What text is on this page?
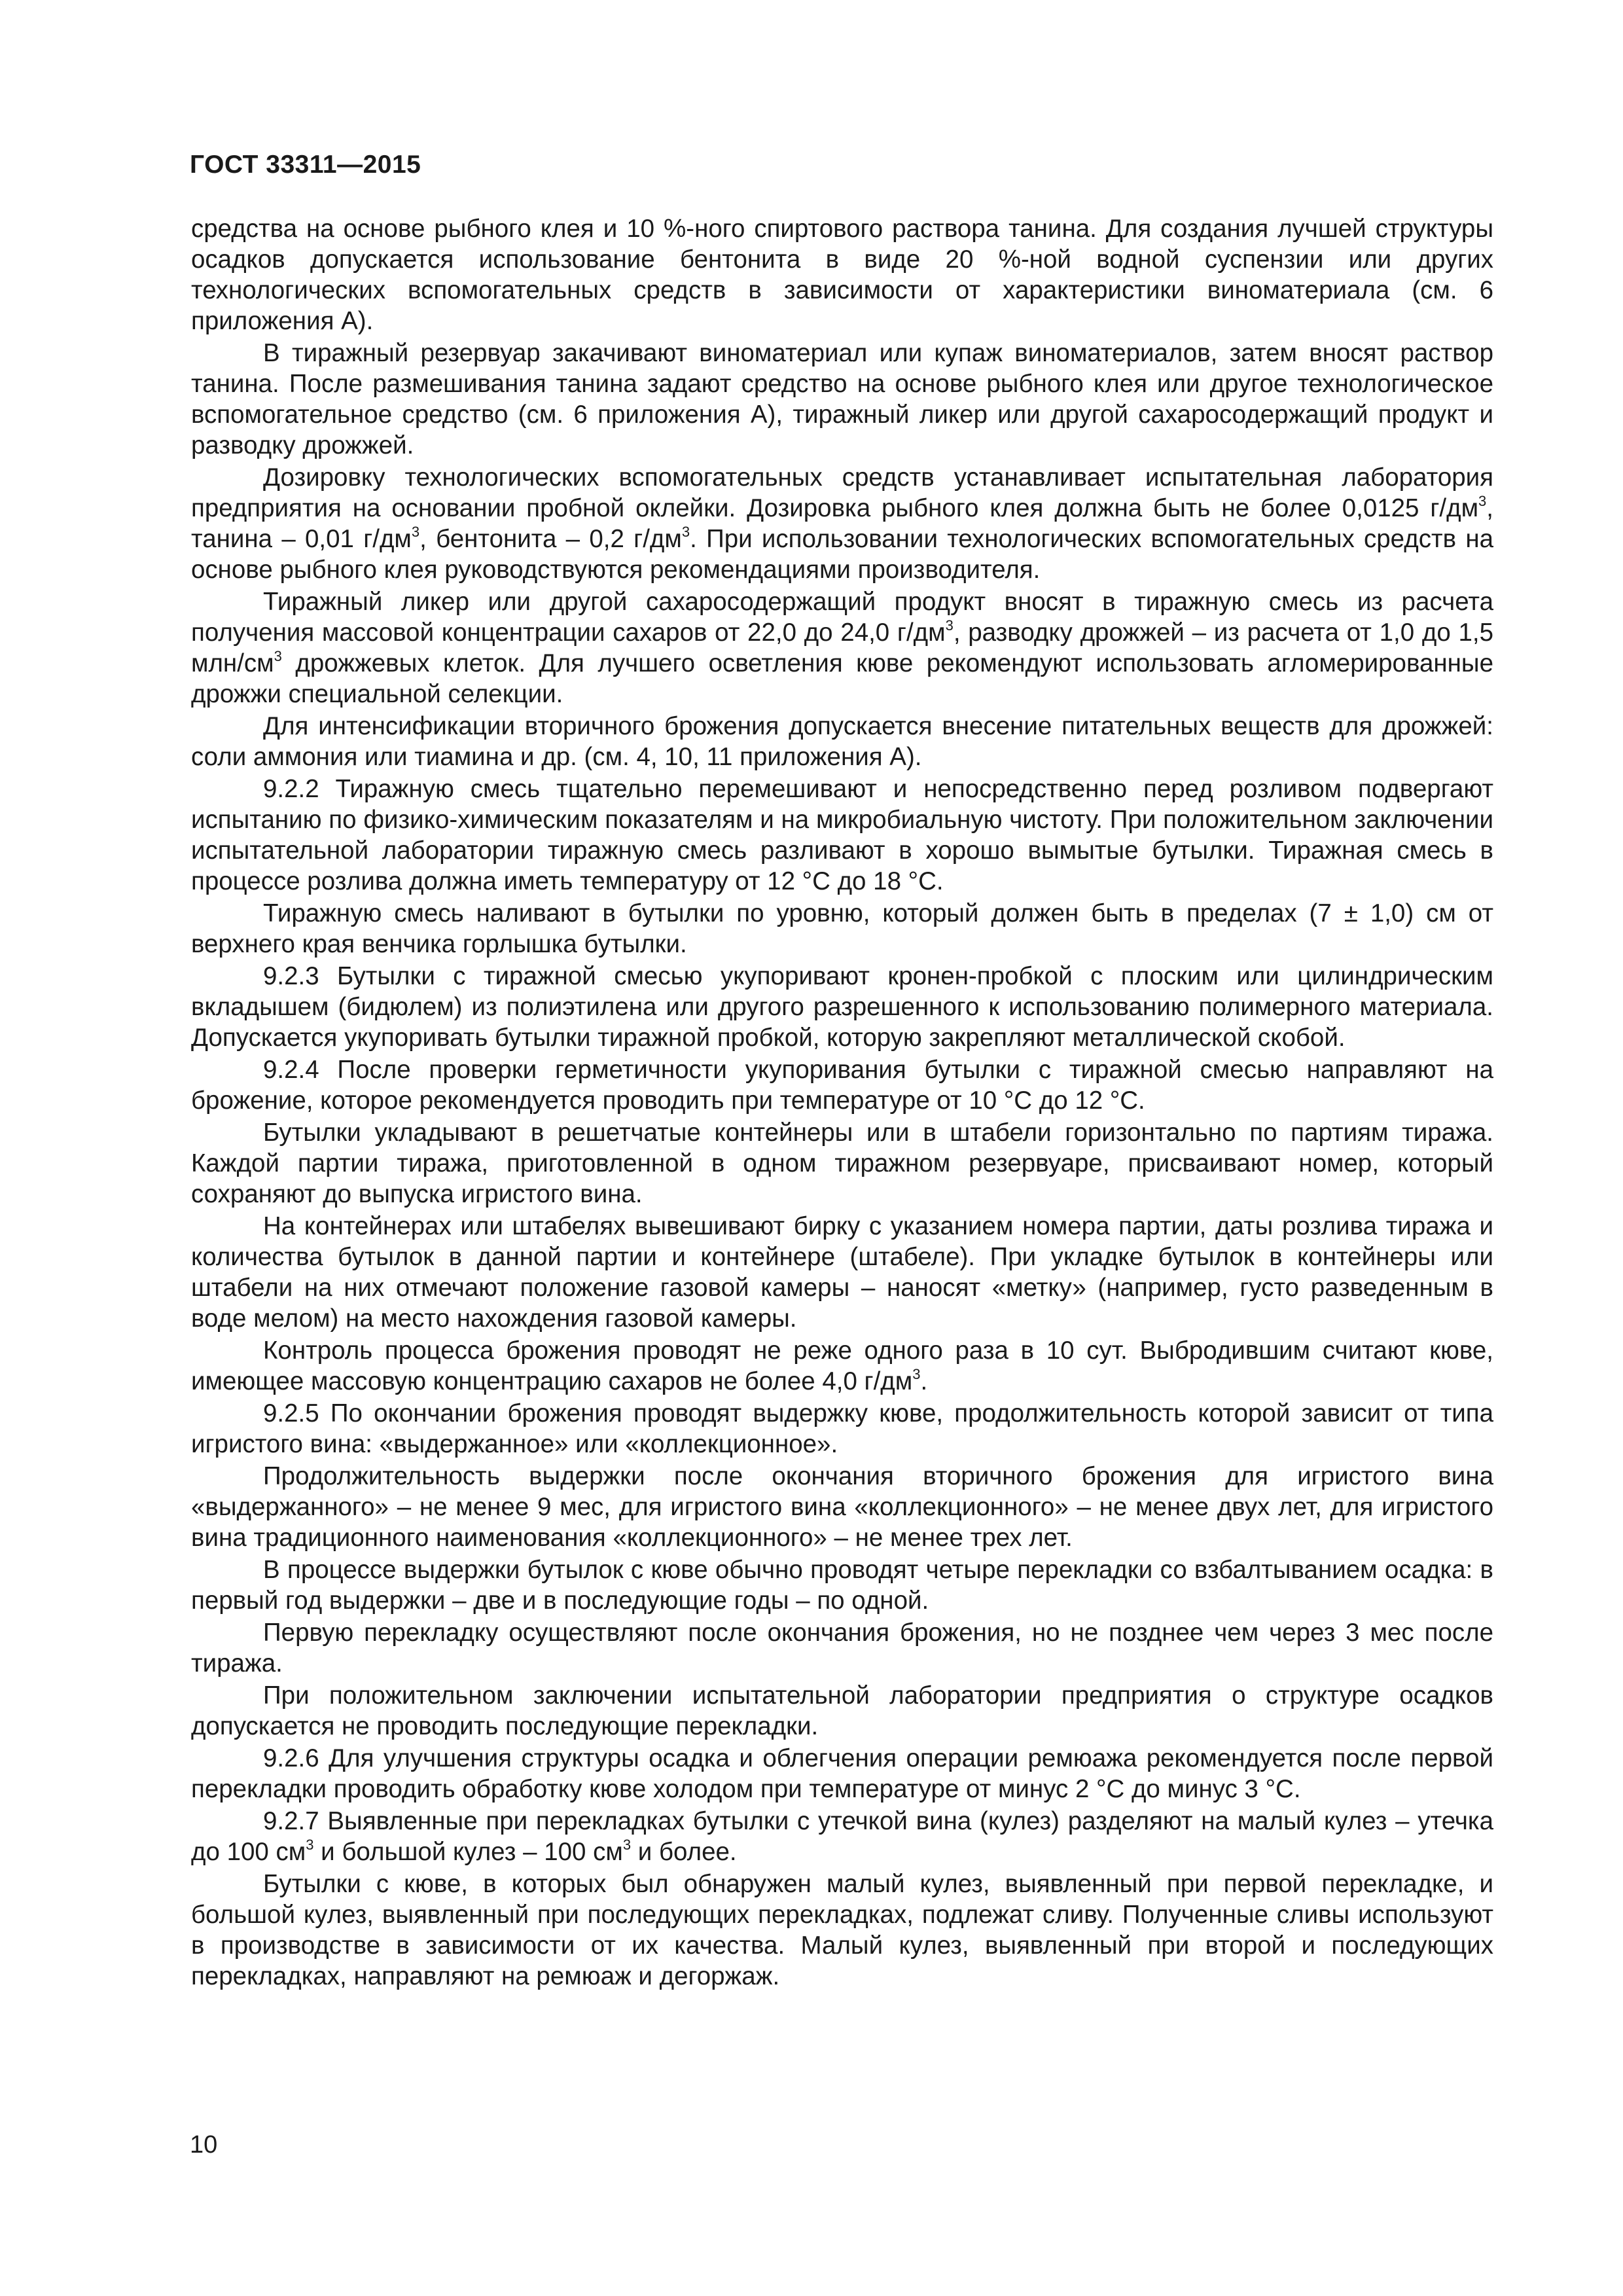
ГОСТ 33311—2015

средства на основе рыбного клея и 10 %-ного спиртового раствора танина. Для создания лучшей структуры осадков допускается использование бентонита в виде 20 %-ной водной суспензии или других технологических вспомогательных средств в зависимости от характеристики виноматериала (см. 6 приложения А).

В тиражный резервуар закачивают виноматериал или купаж виноматериалов, затем вносят раствор танина. После размешивания танина задают средство на основе рыбного клея или другое технологическое вспомогательное средство (см. 6 приложения А), тиражный ликер или другой сахаросодержащий продукт и разводку дрожжей.

Дозировку технологических вспомогательных средств устанавливает испытательная лаборатория предприятия на основании пробной оклейки. Дозировка рыбного клея должна быть не более 0,0125 $г/дм^3$, танина – 0,01 $г/дм^3$, бентонита – 0,2 $г/дм^3$. При использовании технологических вспомогательных средств на основе рыбного клея руководствуются рекомендациями производителя.

Тиражный ликер или другой сахаросодержащий продукт вносят в тиражную смесь из расчета получения массовой концентрации сахаров от 22,0 до 24,0 $г/дм^3$, разводку дрожжей – из расчета от 1,0 до 1,5 млн/$см^3$ дрожжевых клеток. Для лучшего осветления кюве рекомендуют использовать агломерированные дрожжи специальной селекции.

Для интенсификации вторичного брожения допускается внесение питательных веществ для дрожжей: соли аммония или тиамина и др. (см. 4, 10, 11 приложения А).

9.2.2 Тиражную смесь тщательно перемешивают и непосредственно перед розливом подвергают испытанию по физико-химическим показателям и на микробиальную чистоту. При положительном заключении испытательной лаборатории тиражную смесь разливают в хорошо вымытые бутылки. Тиражная смесь в процессе розлива должна иметь температуру от 12 °С до 18 °С.

Тиражную смесь наливают в бутылки по уровню, который должен быть в пределах (7 ± 1,0) см от верхнего края венчика горлышка бутылки.

9.2.3 Бутылки с тиражной смесью укупоривают кронен-пробкой с плоским или цилиндрическим вкладышем (бидюлем) из полиэтилена или другого разрешенного к использованию полимерного материала. Допускается укупоривать бутылки тиражной пробкой, которую закрепляют металлической скобой.

9.2.4 После проверки герметичности укупоривания бутылки с тиражной смесью направляют на брожение, которое рекомендуется проводить при температуре от 10 °С до 12 °С.

Бутылки укладывают в решетчатые контейнеры или в штабели горизонтально по партиям тиража. Каждой партии тиража, приготовленной в одном тиражном резервуаре, присваивают номер, который сохраняют до выпуска игристого вина.

На контейнерах или штабелях вывешивают бирку с указанием номера партии, даты розлива тиража и количества бутылок в данной партии и контейнере (штабеле). При укладке бутылок в контейнеры или штабели на них отмечают положение газовой камеры – наносят «метку» (например, густо разведенным в воде мелом) на место нахождения газовой камеры.

Контроль процесса брожения проводят не реже одного раза в 10 сут. Выбродившим считают кюве, имеющее массовую концентрацию сахаров не более 4,0 $г/дм^3$.

9.2.5 По окончании брожения проводят выдержку кюве, продолжительность которой зависит от типа игристого вина: «выдержанное» или «коллекционное».

Продолжительность выдержки после окончания вторичного брожения для игристого вина «выдержанного» – не менее 9 мес, для игристого вина «коллекционного» – не менее двух лет, для игристого вина традиционного наименования «коллекционного» – не менее трех лет.

В процессе выдержки бутылок с кюве обычно проводят четыре перекладки со взбалтыванием осадка: в первый год выдержки – две и в последующие годы – по одной.

Первую перекладку осуществляют после окончания брожения, но не позднее чем через 3 мес после тиража.

При положительном заключении испытательной лаборатории предприятия о структуре осадков допускается не проводить последующие перекладки.

9.2.6 Для улучшения структуры осадка и облегчения операции ремюажа рекомендуется после первой перекладки проводить обработку кюве холодом при температуре от минус 2 °С до минус 3 °С.

9.2.7 Выявленные при перекладках бутылки с утечкой вина (кулез) разделяют на малый кулез – утечка до 100 $см^3$ и большой кулез – 100 $см^3$ и более.

Бутылки с кюве, в которых был обнаружен малый кулез, выявленный при первой перекладке, и большой кулез, выявленный при последующих перекладках, подлежат сливу. Полученные сливы используют в производстве в зависимости от их качества. Малый кулез, выявленный при второй и последующих перекладках, направляют на ремюаж и дегоржаж.

10
